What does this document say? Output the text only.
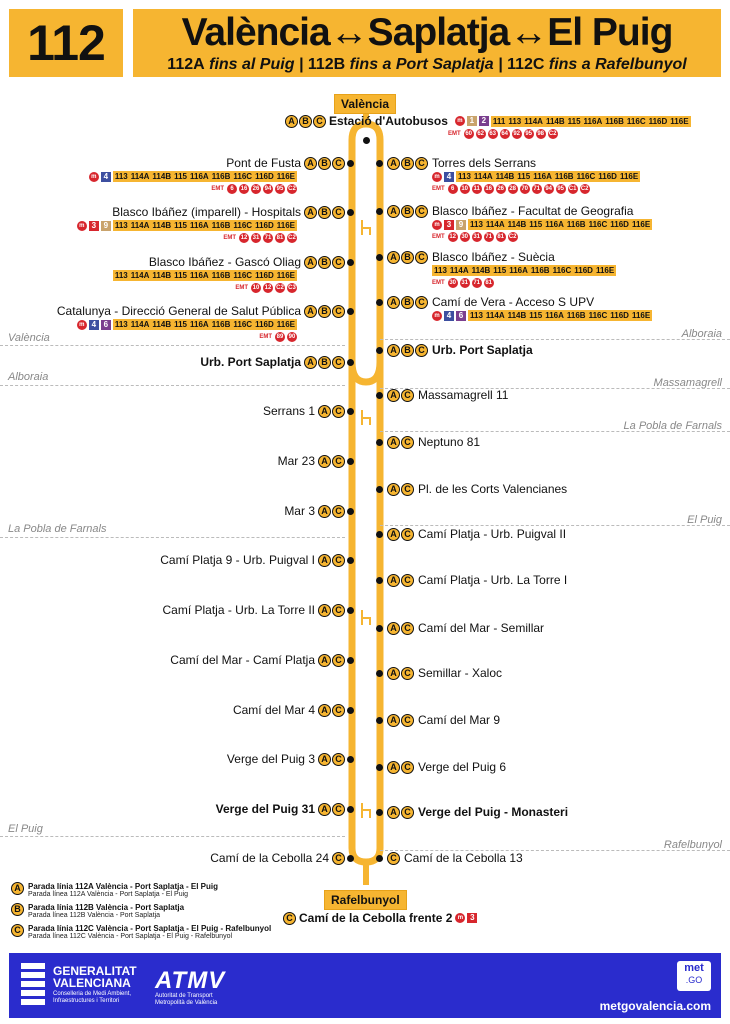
112	València↔Saplatja↔El Puig
112A fins al Puig | 112B fins a Port Saplatja | 112C fins a Rafelbunyol
València
Rafelbunyol
A B C Estació d'Autobusos	m 1 2 111 113 114A 114B 115 116A 116B 116C 116D 116E
EMT 60 62 63 64 92 95 98 C2
Pont de Fusta A B C
m 4 113 114A 114B 115 116A 116B 116C 116D 116E
EMT	6	16 26 94 95 C2
Blasco Ibáñez (imparell) - Hospitals A B C
m 3 9 113 114A 114B 115 116A 116B 116C 116D 116E
EMT 12 31 71 81 C2
Blasco Ibáñez - Gascó Oliag A B C
113 114A 114B 115 116A 116B 116C 116D 116E
EMT 10 12 C2 C3
Catalunya - Direcció General de Salut Pública A B C
m 4 6 113 114A 114B 115 116A 116B 116C 116D 116E
EMT 89 90
Urb. Port Saplatja A B C
Serrans 1 A C
Mar 23 A C
Mar 3 A C
Camí Platja 9 - Urb. Puigval I A C
Camí Platja - Urb. La Torre II A C
Camí del Mar - Camí Platja A C
Camí del Mar 4 A C
Verge del Puig 3 A C
Verge del Puig 31 A C
Camí de la Cebolla 24 C
A B C Torres dels Serrans
m 4 113 114A 114B 115 116A 116B 116C 116D 116E
EMT	6	10 11 16 26 28 70 71 94 95 C1 C2
A B C Blasco Ibáñez - Facultat de Geografia
m 3 9 113 114A 114B 115 116A 116B 116C 116D 116E
EMT 12 30 31 71 81 C2
A B C Blasco Ibáñez - Suècia
113 114A 114B 115 116A 116B 116C 116D 116E
EMT 30 31 71 81
A B C Camí de Vera - Acceso S UPV
m 4 6 113 114A 114B 115 116A 116B 116C 116D 116E
A B C Urb. Port Saplatja
A C Massamagrell 11
A C Neptuno 81
A C Pl. de les Corts Valencianes
A C Camí Platja - Urb. Puigval II
A C Camí Platja - Urb. La Torre I
A C Camí del Mar - Semillar
A C Semillar - Xaloc
A C Camí del Mar 9
A C Verge del Puig 6
A C Verge del Puig - Monasteri
C Camí de la Cebolla 13
València
Alboraia
La Pobla de Farnals
El Puig
Alboraia
Massamagrell
La Pobla de Farnals
El Puig
Rafelbunyol
C Camí de la Cebolla frente 2 m 3
A Parada línia 112A València - Port Saplatja - El Puig
Parada línea 112A València - Port Saplatja - El Puig
B Parada línia 112B València - Port Saplatja
Parada línea 112B València - Port Saplatja
C Parada línia 112C València - Port Saplatja - El Puig - Rafelbunyol
Parada línea 112C València - Port Saplatja - El Puig - Rafelbunyol
GENERALITAT
VALENCIANA
Conselleria de Medi Ambient, Infraestructures i Territori
ATMV
Autoritat de Transport Metropolità de València
met
.GO
metgovalencia.com
